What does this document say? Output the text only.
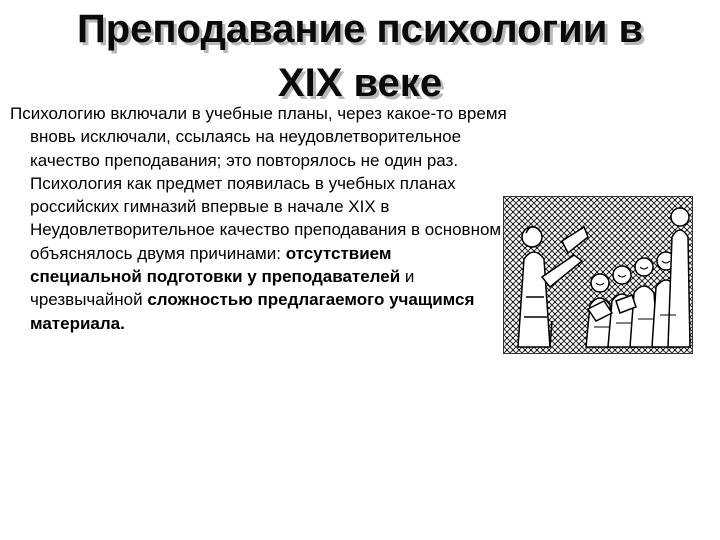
Преподавание психологии в
XIX веке

Психологию включали в учебные планы, через какое-то время вновь исключали, ссылаясь на неудовлетворительное качество преподавания; это повторялось не один раз. Психология как предмет появилась в учебных планах российских гимназий впервые в начале XIX в Неудовлетворительное качество преподавания в основном объяснялось двумя причинами: отсутствием специальной подготовки у преподавателей и чрезвычайной сложностью предлагаемого учащимся материала.
